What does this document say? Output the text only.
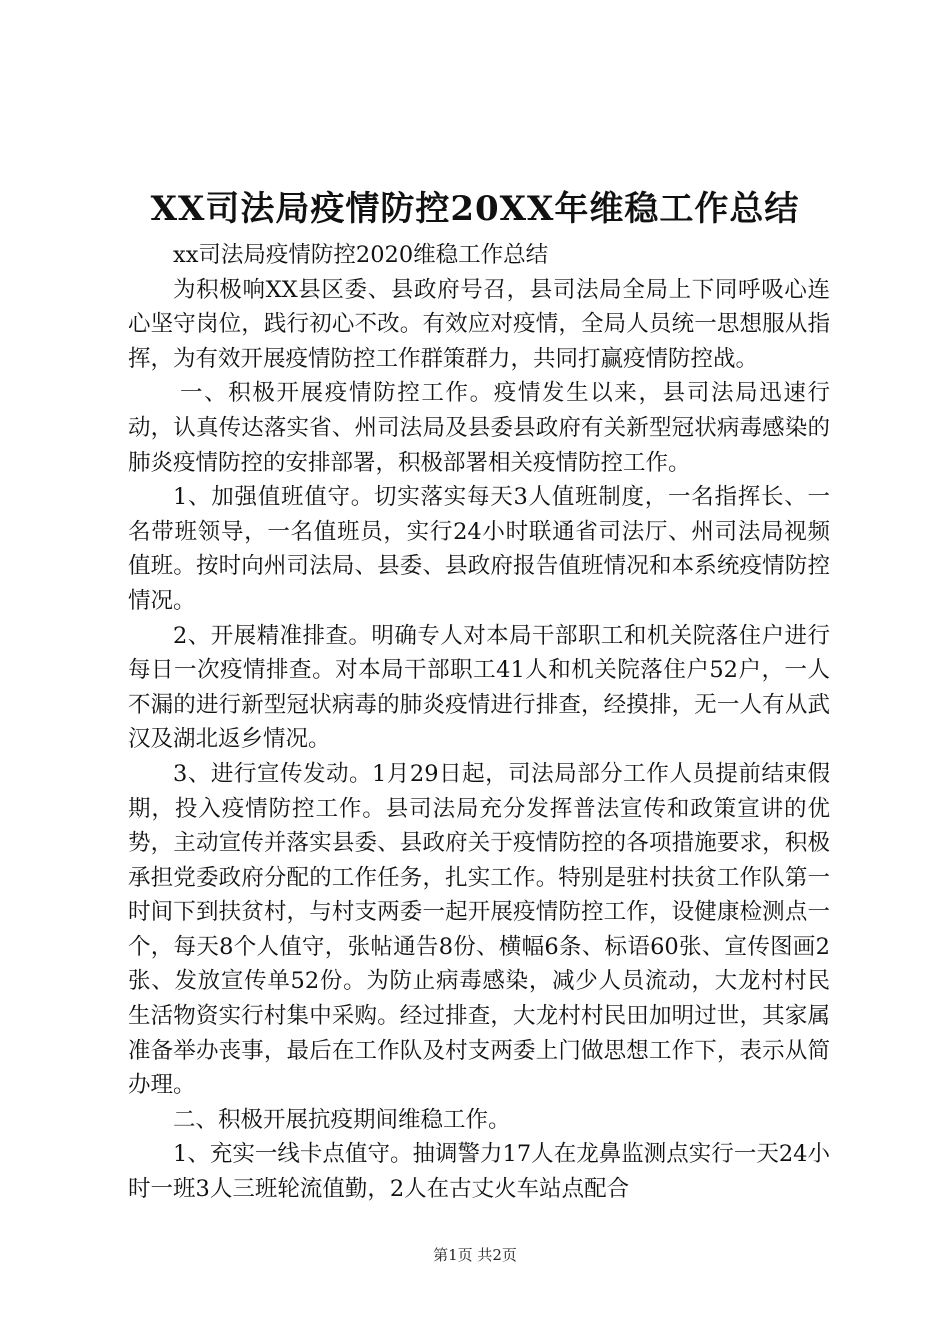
XX司法局疫情防控20XX年维稳工作总结

xx司法局疫情防控2020维稳工作总结

为积极响XX县区委、县政府号召，县司法局全局上下同呼吸心连心坚守岗位，践行初心不改。有效应对疫情，全局人员统一思想服从指挥，为有效开展疫情防控工作群策群力，共同打赢疫情防控战。

一、积极开展疫情防控工作。疫情发生以来，县司法局迅速行动，认真传达落实省、州司法局及县委县政府有关新型冠状病毒感染的肺炎疫情防控的安排部署，积极部署相关疫情防控工作。

1、加强值班值守。切实落实每天3人值班制度，一名指挥长、一名带班领导，一名值班员，实行24小时联通省司法厅、州司法局视频值班。按时向州司法局、县委、县政府报告值班情况和本系统疫情防控情况。

2、开展精准排查。明确专人对本局干部职工和机关院落住户进行每日一次疫情排查。对本局干部职工41人和机关院落住户52户，一人不漏的进行新型冠状病毒的肺炎疫情进行排查，经摸排，无一人有从武汉及湖北返乡情况。

3、进行宣传发动。1月29日起，司法局部分工作人员提前结束假期，投入疫情防控工作。县司法局充分发挥普法宣传和政策宣讲的优势，主动宣传并落实县委、县政府关于疫情防控的各项措施要求，积极承担党委政府分配的工作任务，扎实工作。特别是驻村扶贫工作队第一时间下到扶贫村，与村支两委一起开展疫情防控工作，设健康检测点一个，每天8个人值守，张帖通告8份、横幅6条、标语60张、宣传图画2张、发放宣传单52份。为防止病毒感染，减少人员流动，大龙村村民生活物资实行村集中采购。经过排查，大龙村村民田加明过世，其家属准备举办丧事，最后在工作队及村支两委上门做思想工作下，表示从简办理。

二、积极开展抗疫期间维稳工作。

1、充实一线卡点值守。抽调警力17人在龙鼻监测点实行一天24小时一班3人三班轮流值勤，2人在古丈火车站点配合

第1页 共2页
